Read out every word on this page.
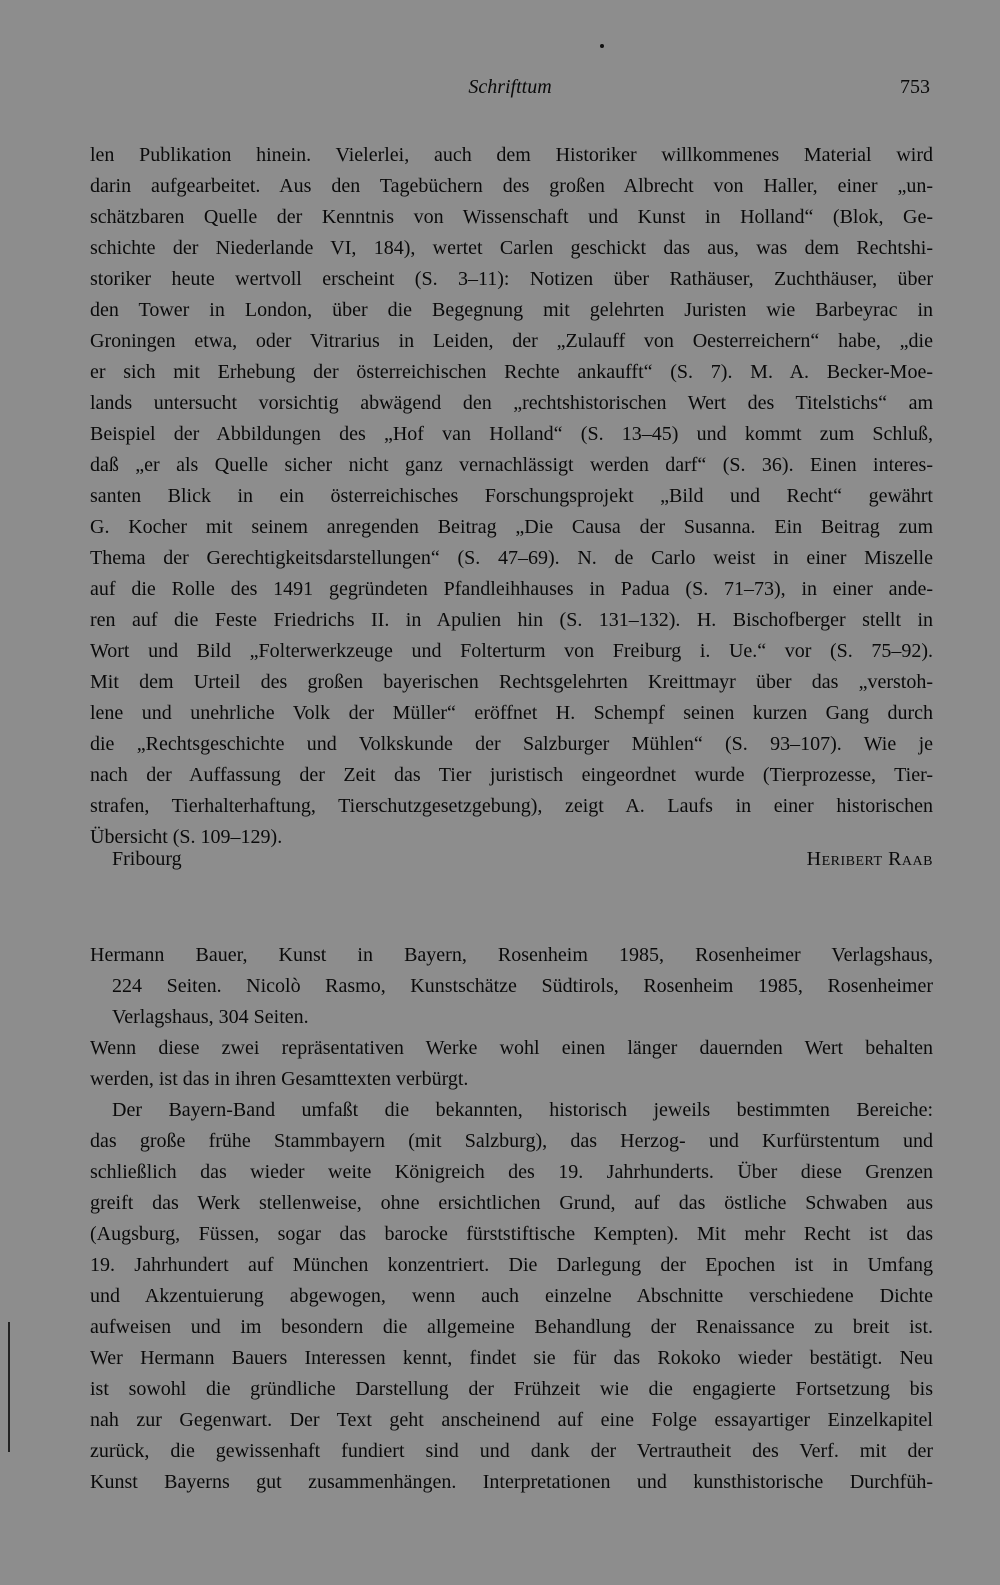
Schrifttum	753
len Publikation hinein. Vielerlei, auch dem Historiker willkommenes Material wird
darin aufgearbeitet. Aus den Tagebüchern des großen Albrecht von Haller, einer „un-
schätzbaren Quelle der Kenntnis von Wissenschaft und Kunst in Holland“ (Blok, Ge-
schichte der Niederlande VI, 184), wertet Carlen geschickt das aus, was dem Rechtshi-
storiker heute wertvoll erscheint (S. 3–11): Notizen über Rathäuser, Zuchthäuser, über
den Tower in London, über die Begegnung mit gelehrten Juristen wie Barbeyrac in
Groningen etwa, oder Vitrarius in Leiden, der „Zulauff von Oesterreichern“ habe, „die
er sich mit Erhebung der österreichischen Rechte ankaufft“ (S. 7). M. A. Becker-Moe-
lands untersucht vorsichtig abwägend den „rechtshistorischen Wert des Titelstichs“ am
Beispiel der Abbildungen des „Hof van Holland“ (S. 13–45) und kommt zum Schluß,
daß „er als Quelle sicher nicht ganz vernachlässigt werden darf“ (S. 36). Einen interes-
santen Blick in ein österreichisches Forschungsprojekt „Bild und Recht“ gewährt
G. Kocher mit seinem anregenden Beitrag „Die Causa der Susanna. Ein Beitrag zum
Thema der Gerechtigkeitsdarstellungen“ (S. 47–69). N. de Carlo weist in einer Miszelle
auf die Rolle des 1491 gegründeten Pfandleihhauses in Padua (S. 71–73), in einer ande-
ren auf die Feste Friedrichs II. in Apulien hin (S. 131–132). H. Bischofberger stellt in
Wort und Bild „Folterwerkzeuge und Folterturm von Freiburg i. Ue.“ vor (S. 75–92).
Mit dem Urteil des großen bayerischen Rechtsgelehrten Kreittmayr über das „verstoh-
lene und unehrliche Volk der Müller“ eröffnet H. Schempf seinen kurzen Gang durch
die „Rechtsgeschichte und Volkskunde der Salzburger Mühlen“ (S. 93–107). Wie je
nach der Auffassung der Zeit das Tier juristisch eingeordnet wurde (Tierprozesse, Tier-
strafen, Tierhalterhaftung, Tierschutzgesetzgebung), zeigt A. Laufs in einer historischen
Übersicht (S. 109–129).
Fribourg	Heribert Raab
Hermann Bauer, Kunst in Bayern, Rosenheim 1985, Rosenheimer Verlagshaus,
224 Seiten. Nicolò Rasmo, Kunstschätze Südtirols, Rosenheim 1985, Rosenheimer
Verlagshaus, 304 Seiten.
Wenn diese zwei repräsentativen Werke wohl einen länger dauernden Wert behalten
werden, ist das in ihren Gesamttexten verbürgt.
Der Bayern-Band umfaßt die bekannten, historisch jeweils bestimmten Bereiche:
das große frühe Stammbayern (mit Salzburg), das Herzog- und Kurfürstentum und
schließlich das wieder weite Königreich des 19. Jahrhunderts. Über diese Grenzen
greift das Werk stellenweise, ohne ersichtlichen Grund, auf das östliche Schwaben aus
(Augsburg, Füssen, sogar das barocke fürststiftische Kempten). Mit mehr Recht ist das
19. Jahrhundert auf München konzentriert. Die Darlegung der Epochen ist in Umfang
und Akzentuierung abgewogen, wenn auch einzelne Abschnitte verschiedene Dichte
aufweisen und im besondern die allgemeine Behandlung der Renaissance zu breit ist.
Wer Hermann Bauers Interessen kennt, findet sie für das Rokoko wieder bestätigt. Neu
ist sowohl die gründliche Darstellung der Frühzeit wie die engagierte Fortsetzung bis
nah zur Gegenwart. Der Text geht anscheinend auf eine Folge essayartiger Einzelkapitel
zurück, die gewissenhaft fundiert sind und dank der Vertrautheit des Verf. mit der
Kunst Bayerns gut zusammenhängen. Interpretationen und kunsthistorische Durchfüh-
